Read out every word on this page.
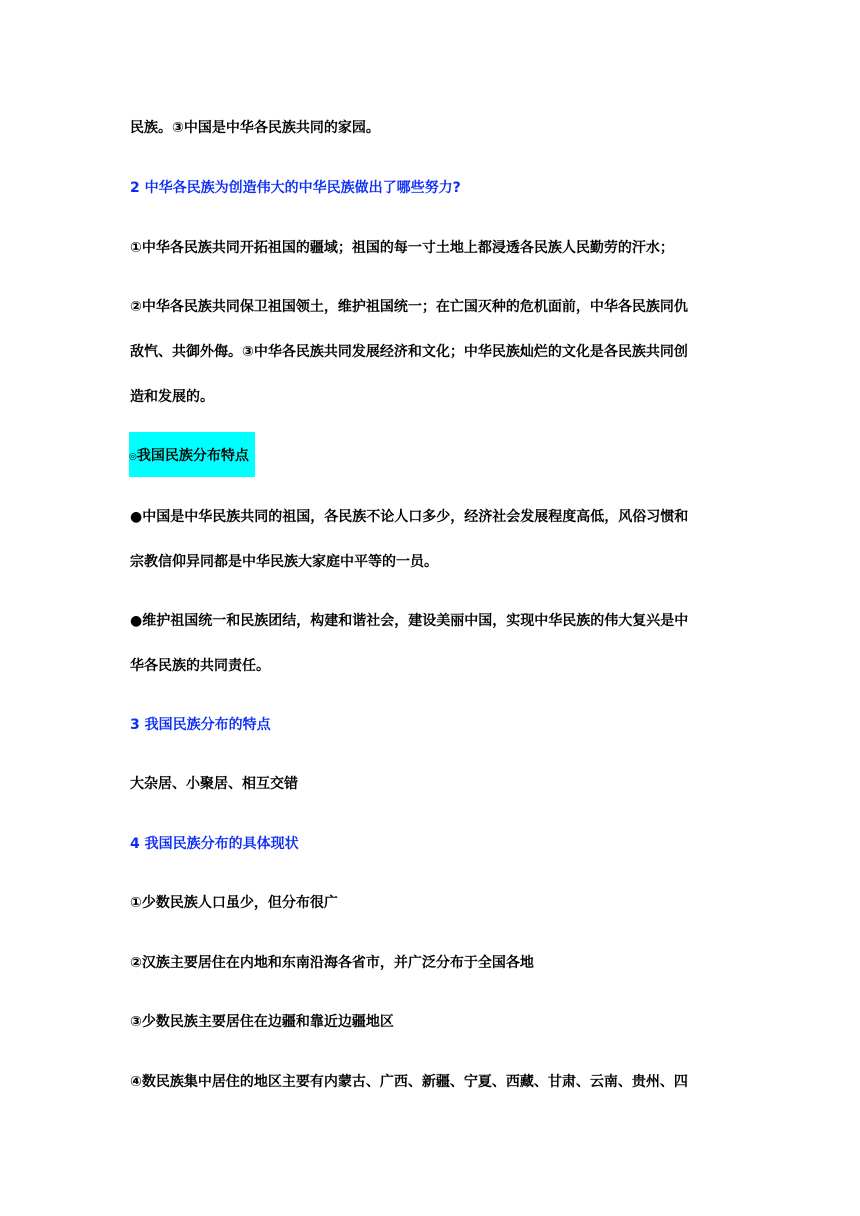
民族。③中国是中华各民族共同的家园。
2 中华各民族为创造伟大的中华民族做出了哪些努力?
①中华各民族共同开拓祖国的疆域；祖国的每一寸土地上都浸透各民族人民勤劳的汗水；
②中华各民族共同保卫祖国领土，维护祖国统一；在亡国灭种的危机面前，中华各民族同仇
敌忾、共御外侮。③中华各民族共同发展经济和文化；中华民族灿烂的文化是各民族共同创
造和发展的。
◎我国民族分布特点
●中国是中华民族共同的祖国，各民族不论人口多少，经济社会发展程度高低，风俗习惯和
宗教信仰异同都是中华民族大家庭中平等的一员。
●维护祖国统一和民族团结，构建和谐社会，建设美丽中国，实现中华民族的伟大复兴是中
华各民族的共同责任。
3 我国民族分布的特点
大杂居、小聚居、相互交错
4 我国民族分布的具体现状
①少数民族人口虽少，但分布很广
②汉族主要居住在内地和东南沿海各省市，并广泛分布于全国各地
③少数民族主要居住在边疆和靠近边疆地区
④数民族集中居住的地区主要有内蒙古、广西、新疆、宁夏、西藏、甘肃、云南、贵州、四
